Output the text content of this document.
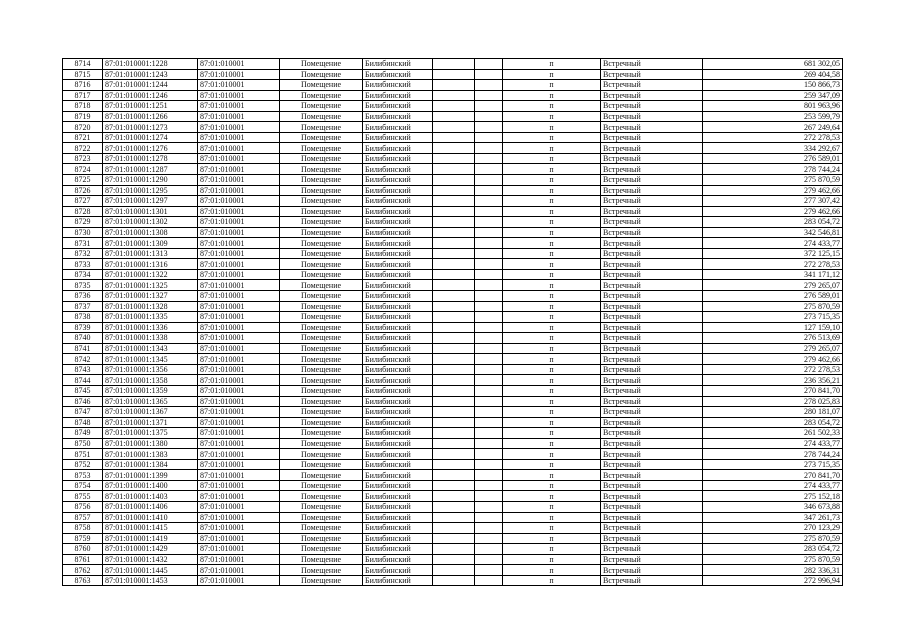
8714	87:01:010001:1228	87:01:010001	Помещение	Билибинский			п	Встречный	681 302,05
8715	87:01:010001:1243	87:01:010001	Помещение	Билибинский			п	Встречный	269 404,58
8716	87:01:010001:1244	87:01:010001	Помещение	Билибинский			п	Встречный	150 866,73
8717	87:01:010001:1246	87:01:010001	Помещение	Билибинский			п	Встречный	259 347,09
8718	87:01:010001:1251	87:01:010001	Помещение	Билибинский			п	Встречный	801 963,96
8719	87:01:010001:1266	87:01:010001	Помещение	Билибинский			п	Встречный	253 599,79
8720	87:01:010001:1273	87:01:010001	Помещение	Билибинский			п	Встречный	267 249,64
8721	87:01:010001:1274	87:01:010001	Помещение	Билибинский			п	Встречный	272 278,53
8722	87:01:010001:1276	87:01:010001	Помещение	Билибинский			п	Встречный	334 292,67
8723	87:01:010001:1278	87:01:010001	Помещение	Билибинский			п	Встречный	276 589,01
8724	87:01:010001:1287	87:01:010001	Помещение	Билибинский			п	Встречный	278 744,24
8725	87:01:010001:1290	87:01:010001	Помещение	Билибинский			п	Встречный	275 870,59
8726	87:01:010001:1295	87:01:010001	Помещение	Билибинский			п	Встречный	279 462,66
8727	87:01:010001:1297	87:01:010001	Помещение	Билибинский			п	Встречный	277 307,42
8728	87:01:010001:1301	87:01:010001	Помещение	Билибинский			п	Встречный	279 462,66
8729	87:01:010001:1302	87:01:010001	Помещение	Билибинский			п	Встречный	283 054,72
8730	87:01:010001:1308	87:01:010001	Помещение	Билибинский			п	Встречный	342 546,81
8731	87:01:010001:1309	87:01:010001	Помещение	Билибинский			п	Встречный	274 433,77
8732	87:01:010001:1313	87:01:010001	Помещение	Билибинский			п	Встречный	372 125,15
8733	87:01:010001:1316	87:01:010001	Помещение	Билибинский			п	Встречный	272 278,53
8734	87:01:010001:1322	87:01:010001	Помещение	Билибинский			п	Встречный	341 171,12
8735	87:01:010001:1325	87:01:010001	Помещение	Билибинский			п	Встречный	279 265,07
8736	87:01:010001:1327	87:01:010001	Помещение	Билибинский			п	Встречный	276 589,01
8737	87:01:010001:1328	87:01:010001	Помещение	Билибинский			п	Встречный	275 870,59
8738	87:01:010001:1335	87:01:010001	Помещение	Билибинский			п	Встречный	273 715,35
8739	87:01:010001:1336	87:01:010001	Помещение	Билибинский			п	Встречный	127 159,10
8740	87:01:010001:1338	87:01:010001	Помещение	Билибинский			п	Встречный	276 513,69
8741	87:01:010001:1343	87:01:010001	Помещение	Билибинский			п	Встречный	279 265,07
8742	87:01:010001:1345	87:01:010001	Помещение	Билибинский			п	Встречный	279 462,66
8743	87:01:010001:1356	87:01:010001	Помещение	Билибинский			п	Встречный	272 278,53
8744	87:01:010001:1358	87:01:010001	Помещение	Билибинский			п	Встречный	236 356,21
8745	87:01:010001:1359	87:01:010001	Помещение	Билибинский			п	Встречный	270 841,70
8746	87:01:010001:1365	87:01:010001	Помещение	Билибинский			п	Встречный	278 025,83
8747	87:01:010001:1367	87:01:010001	Помещение	Билибинский			п	Встречный	280 181,07
8748	87:01:010001:1371	87:01:010001	Помещение	Билибинский			п	Встречный	283 054,72
8749	87:01:010001:1375	87:01:010001	Помещение	Билибинский			п	Встречный	261 502,33
8750	87:01:010001:1380	87:01:010001	Помещение	Билибинский			п	Встречный	274 433,77
8751	87:01:010001:1383	87:01:010001	Помещение	Билибинский			п	Встречный	278 744,24
8752	87:01:010001:1384	87:01:010001	Помещение	Билибинский			п	Встречный	273 715,35
8753	87:01:010001:1399	87:01:010001	Помещение	Билибинский			п	Встречный	270 841,70
8754	87:01:010001:1400	87:01:010001	Помещение	Билибинский			п	Встречный	274 433,77
8755	87:01:010001:1403	87:01:010001	Помещение	Билибинский			п	Встречный	275 152,18
8756	87:01:010001:1406	87:01:010001	Помещение	Билибинский			п	Встречный	346 673,88
8757	87:01:010001:1410	87:01:010001	Помещение	Билибинский			п	Встречный	347 261,73
8758	87:01:010001:1415	87:01:010001	Помещение	Билибинский			п	Встречный	270 123,29
8759	87:01:010001:1419	87:01:010001	Помещение	Билибинский			п	Встречный	275 870,59
8760	87:01:010001:1429	87:01:010001	Помещение	Билибинский			п	Встречный	283 054,72
8761	87:01:010001:1432	87:01:010001	Помещение	Билибинский			п	Встречный	275 870,59
8762	87:01:010001:1445	87:01:010001	Помещение	Билибинский			п	Встречный	282 336,31
8763	87:01:010001:1453	87:01:010001	Помещение	Билибинский			п	Встречный	272 996,94
